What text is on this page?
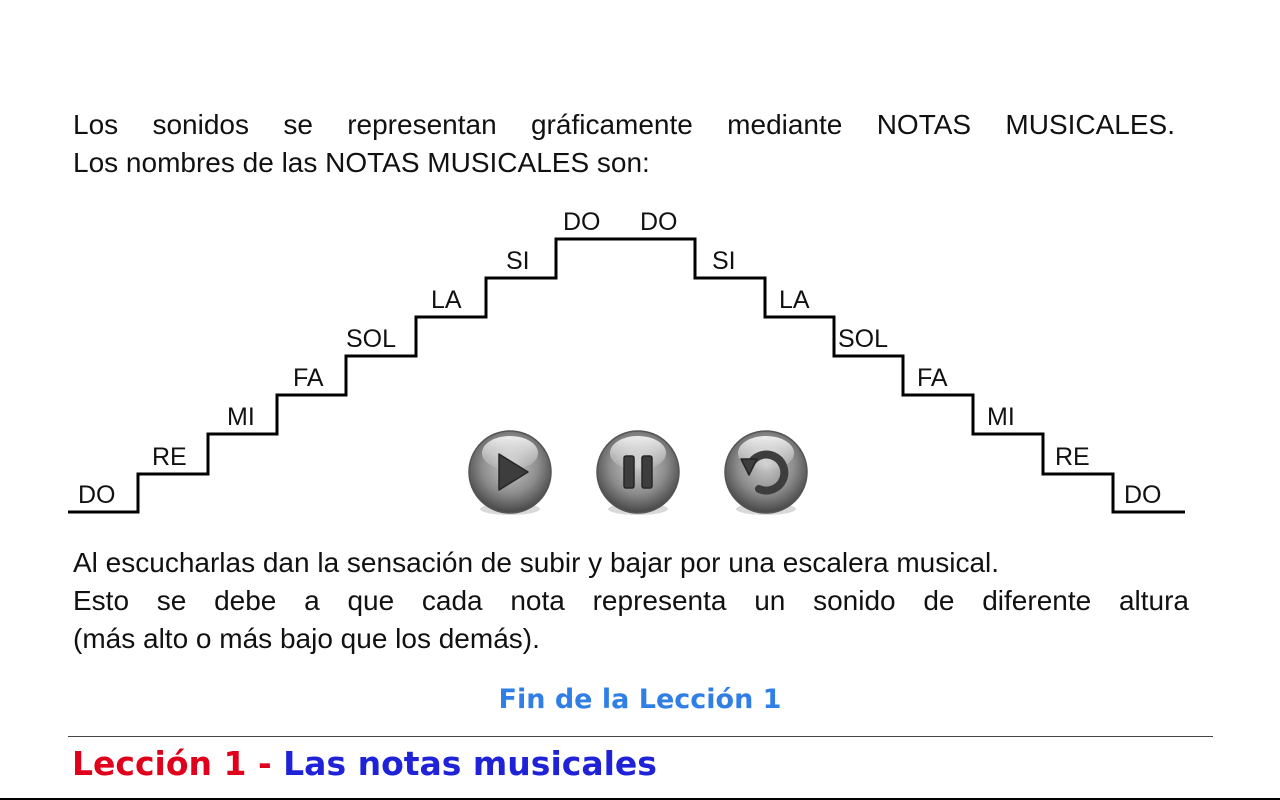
Los sonidos se representan gráficamente mediante NOTAS MUSICALES.
Los nombres de las NOTAS MUSICALES son:
DO
RE
MI
FA
SOL
LA
SI
DO DO
SI
LA
SOL
FA
MI
RE
DO
Al escucharlas dan la sensación de subir y bajar por una escalera musical.
Esto se debe a que cada nota representa un sonido de diferente altura
(más alto o más bajo que los demás).
Fin de la Lección 1
Lección 1 - Las notas musicales
